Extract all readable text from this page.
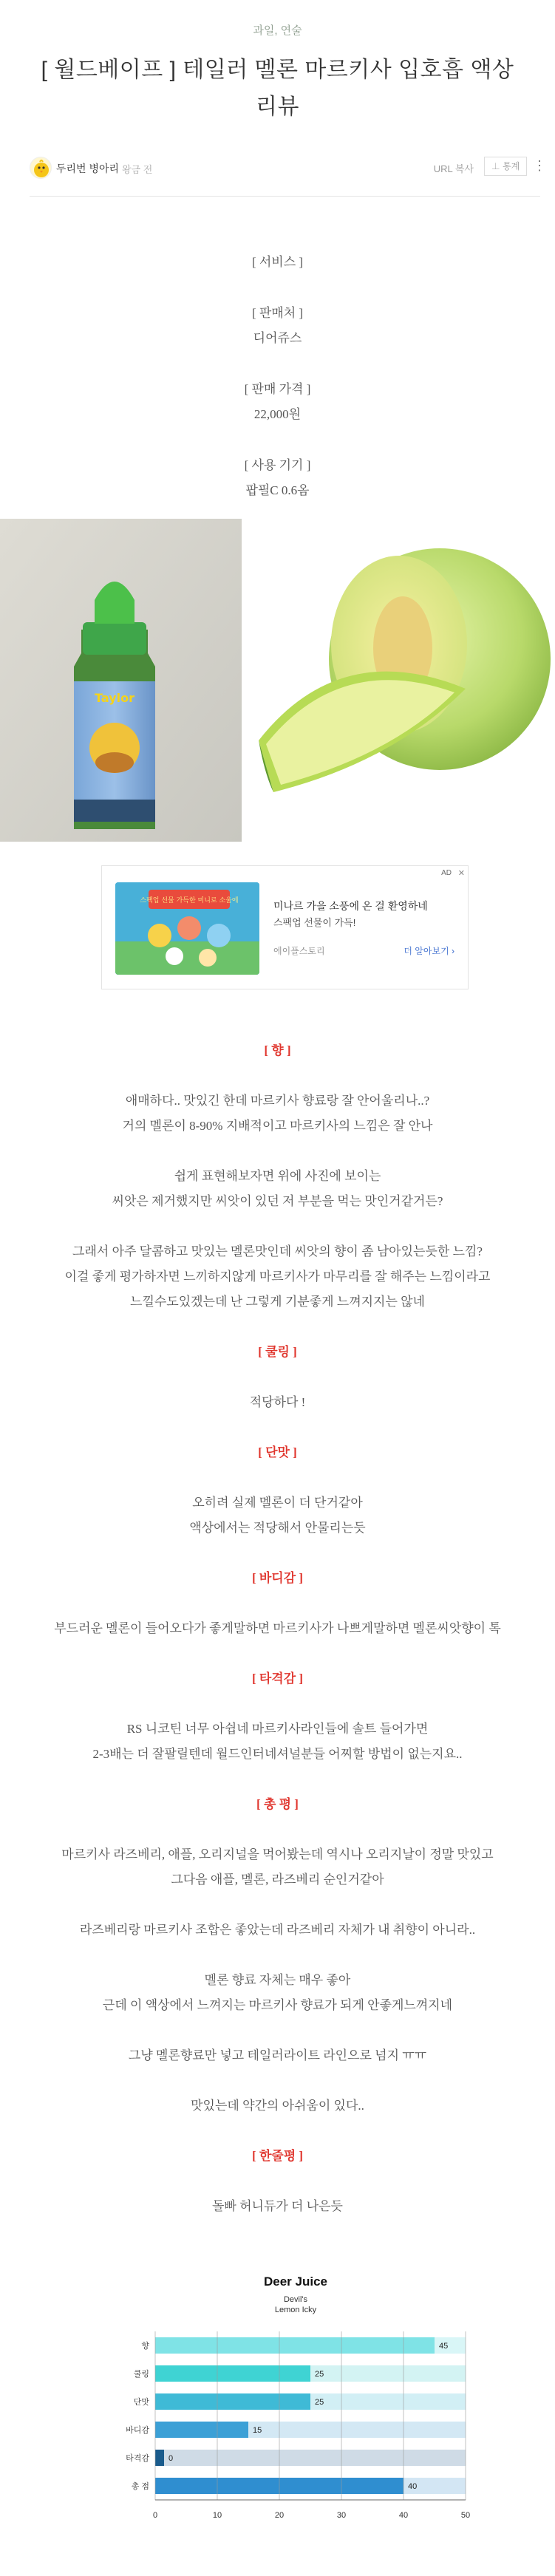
과일, 연술
[ 월드베이프 ] 테일러 멜론 마르키사 입호흡 액상
리뷰
두리번 병아리 왕금 전	URL 복사	⊥ 통계 ⋮
[ 서비스 ]
[ 판매처 ]
디어쥬스
[ 판매 가격 ]
22,000원
[ 사용 기기 ]
팝필C 0.6옴
Taylor
AD ✕
스팩업 선물 가득한 미니로 소울에	미나르 가을 소풍에 온 걸 환영하네
스팩업 선물이 가득!
에이플스토리	더 알아보기 ›
[ 향 ]
애매하다.. 맛있긴 한데 마르키사 향료랑 잘 안어울리나..?
거의 멜론이 8-90% 지배적이고 마르키사의 느낌은 잘 안나
쉽게 표현해보자면 위에 사진에 보이는
씨앗은 제거했지만 씨앗이 있던 저 부분을 먹는 맛인거같거든?
그래서 아주 달콤하고 맛있는 멜론맛인데 씨앗의 향이 좀 남아있는듯한 느낌?
이걸 좋게 평가하자면 느끼하지않게 마르키사가 마무리를 잘 해주는 느낌이라고
느낄수도있겠는데 난 그렇게 기분좋게 느껴지지는 않네
[ 쿨링 ]
적당하다 !
[ 단맛 ]
오히려 실제 멜론이 더 단거같아
액상에서는 적당해서 안물리는듯
[ 바디감 ]
부드러운 멜론이 들어오다가 좋게말하면 마르키사가 나쁘게말하면 멜론씨앗향이 톡
[ 타격감 ]
RS 니코틴 너무 아쉽네 마르키사라인들에 솔트 들어가면
2-3배는 더 잘팔릴텐데 월드인터네셔널분들 어찌할 방법이 없는지요..
[ 총 평 ]
마르키사 라즈베리, 애플, 오리지널을 먹어봤는데 역시나 오리지날이 정말 맛있고
그다음 애플, 멜론, 라즈베리 순인거같아
라즈베리랑 마르키사 조합은 좋았는데 라즈베리 자체가 내 취향이 아니라..
멜론 향료 자체는 매우 좋아
근데 이 액상에서 느껴지는 마르키사 향료가 되게 안좋게느껴지네
그냥 멜론향료만 넣고 테일러라이트 라인으로 넘지 ㅠㅠ
맛있는데 약간의 아쉬움이 있다..
[ 한줄평 ]
돌빠 허니듀가 더 나은듯
Deer Juice
Devil's
Lemon Icky
향	45
쿨링	25
단맛	25
바디감	15
타격감 0
총 점	40
0	10	20	30	40	50
